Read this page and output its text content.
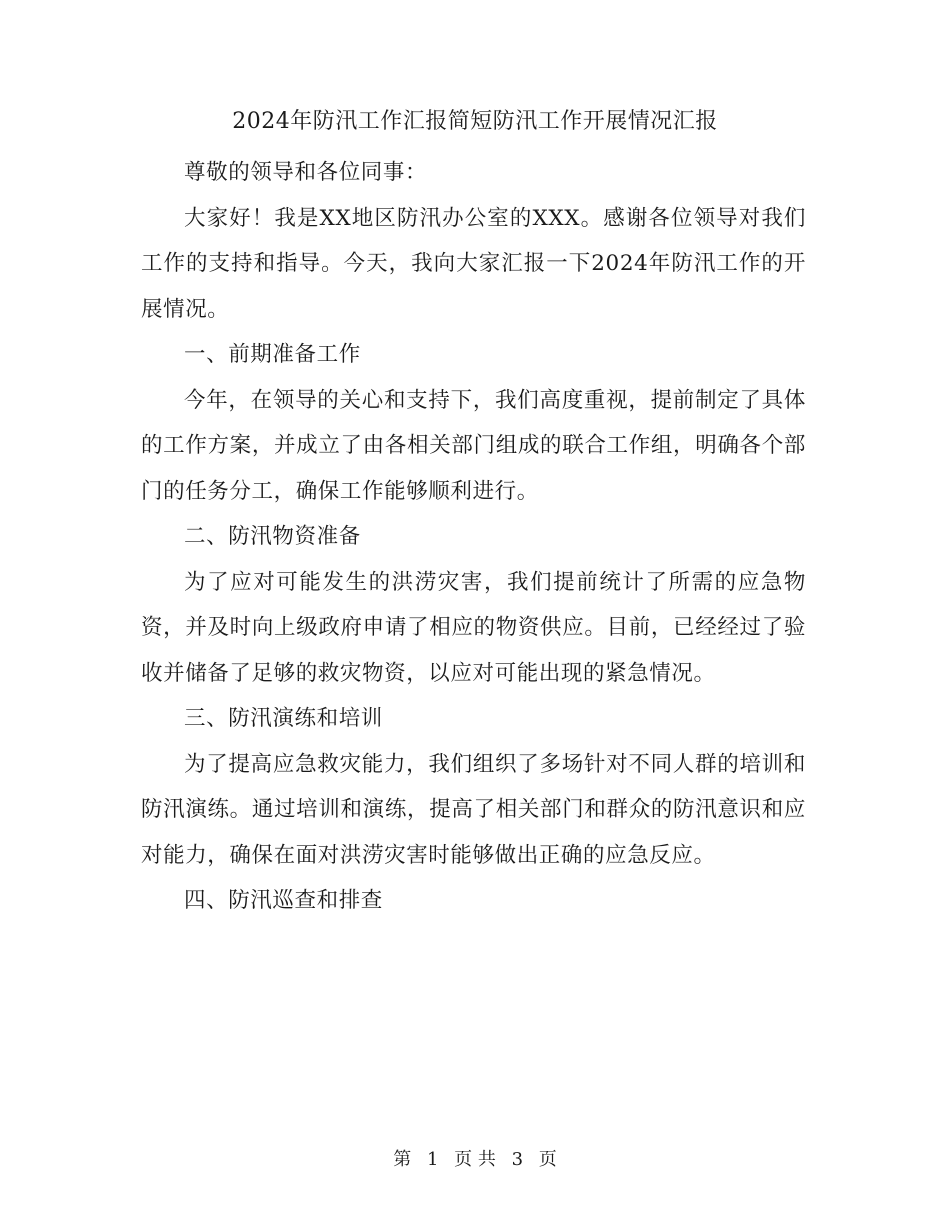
2024年防汛工作汇报简短防汛工作开展情况汇报

尊敬的领导和各位同事：

大家好！我是XX地区防汛办公室的XXX。感谢各位领导对我们工作的支持和指导。今天，我向大家汇报一下2024年防汛工作的开展情况。

一、前期准备工作

今年，在领导的关心和支持下，我们高度重视，提前制定了具体的工作方案，并成立了由各相关部门组成的联合工作组，明确各个部门的任务分工，确保工作能够顺利进行。

二、防汛物资准备

为了应对可能发生的洪涝灾害，我们提前统计了所需的应急物资，并及时向上级政府申请了相应的物资供应。目前，已经经过了验收并储备了足够的救灾物资，以应对可能出现的紧急情况。

三、防汛演练和培训

为了提高应急救灾能力，我们组织了多场针对不同人群的培训和防汛演练。通过培训和演练，提高了相关部门和群众的防汛意识和应对能力，确保在面对洪涝灾害时能够做出正确的应急反应。

四、防汛巡查和排查

第 1 页 共 3 页
